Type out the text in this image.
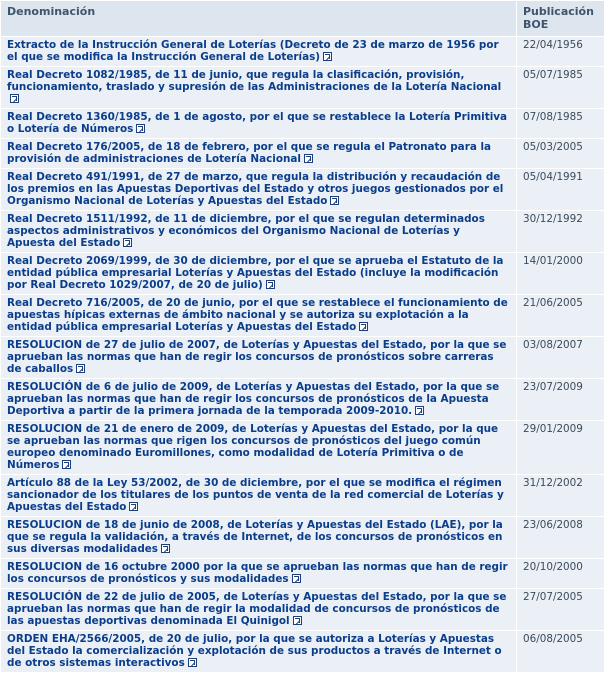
Denominación	Publicación BOE
Extracto de la Instrucción General de Loterías (Decreto de 23 de marzo de 1956 por el que se modifica la Instrucción General de Loterías)	22/04/1956
Real Decreto 1082/1985, de 11 de junio, que regula la clasificación, provisión, funcionamiento, traslado y supresión de las Administraciones de la Lotería Nacional	05/07/1985
Real Decreto 1360/1985, de 1 de agosto, por el que se restablece la Lotería Primitiva o Lotería de Números	07/08/1985
Real Decreto 176/2005, de 18 de febrero, por el que se regula el Patronato para la provisión de administraciones de Lotería Nacional	05/03/2005
Real Decreto 491/1991, de 27 de marzo, que regula la distribución y recaudación de los premios en las Apuestas Deportivas del Estado y otros juegos gestionados por el Organismo Nacional de Loterías y Apuestas del Estado	05/04/1991
Real Decreto 1511/1992, de 11 de diciembre, por el que se regulan determinados aspectos administrativos y económicos del Organismo Nacional de Loterías y Apuesta del Estado	30/12/1992
Real Decreto 2069/1999, de 30 de diciembre, por el que se aprueba el Estatuto de la entidad pública empresarial Loterías y Apuestas del Estado (incluye la modificación por Real Decreto 1029/2007, de 20 de julio)	14/01/2000
Real Decreto 716/2005, de 20 de junio, por el que se restablece el funcionamiento de apuestas hípicas externas de ámbito nacional y se autoriza su explotación a la entidad pública empresarial Loterías y Apuestas del Estado	21/06/2005
RESOLUCION de 27 de julio de 2007, de Loterías y Apuestas del Estado, por la que se aprueban las normas que han de regir los concursos de pronósticos sobre carreras de caballos	03/08/2007
RESOLUCIÓN de 6 de julio de 2009, de Loterías y Apuestas del Estado, por la que se aprueban las normas que han de regir los concursos de pronósticos de la Apuesta Deportiva a partir de la primera jornada de la temporada 2009-2010.	23/07/2009
RESOLUCION de 21 de enero de 2009, de Loterías y Apuestas del Estado, por la que se aprueban las normas que rigen los concursos de pronósticos del juego común europeo denominado Euromillones, como modalidad de Lotería Primitiva o de Números	29/01/2009
Artículo 88 de la Ley 53/2002, de 30 de diciembre, por el que se modifica el régimen sancionador de los titulares de los puntos de venta de la red comercial de Loterías y Apuestas del Estado	31/12/2002
RESOLUCION de 18 de junio de 2008, de Loterías y Apuestas del Estado (LAE), por la que se regula la validación, a través de Internet, de los concursos de pronósticos en sus diversas modalidades	23/06/2008
RESOLUCION de 16 octubre 2000 por la que se aprueban las normas que han de regir los concursos de pronósticos y sus modalidades	20/10/2000
RESOLUCIÓN de 22 de julio de 2005, de Loterías y Apuestas del Estado, por la que se aprueban las normas que han de regir la modalidad de concursos de pronósticos de las apuestas deportivas denominada El Quinigol	27/07/2005
ORDEN EHA/2566/2005, de 20 de julio, por la que se autoriza a Loterías y Apuestas del Estado la comercialización y explotación de sus productos a través de Internet o de otros sistemas interactivos	06/08/2005
